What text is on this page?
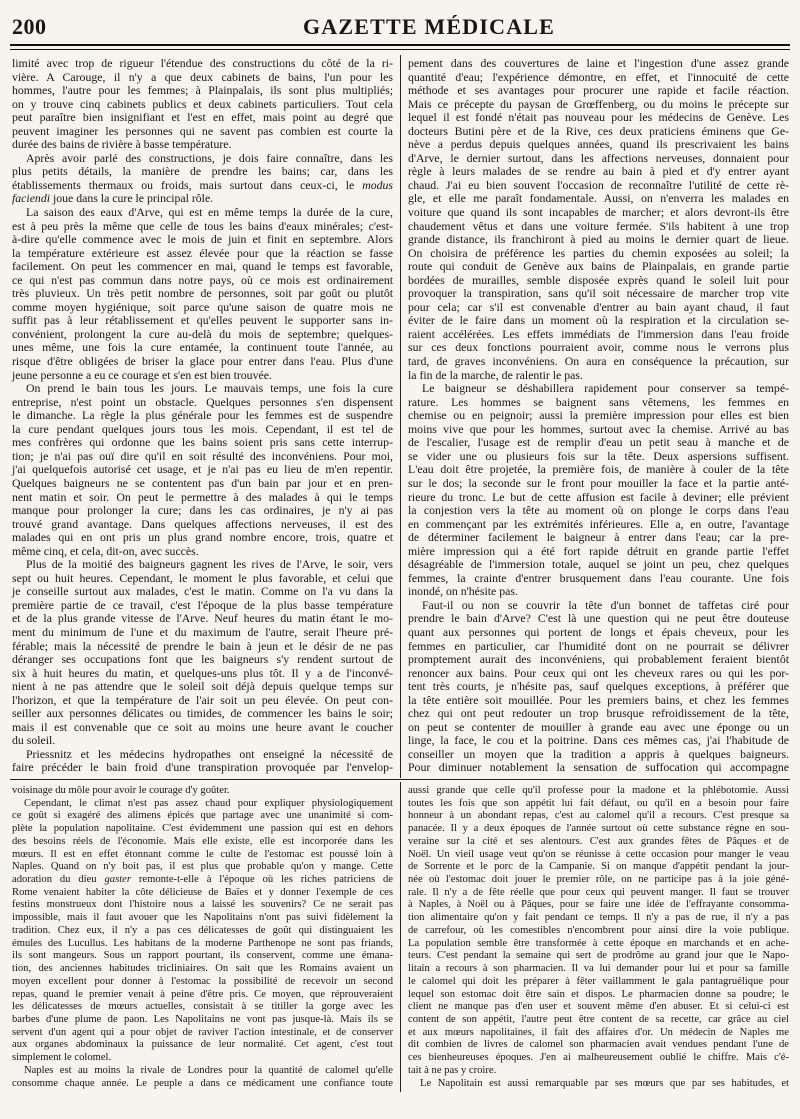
200	GAZETTE MÉDICALE
limité avec trop de rigueur l'étendue des constructions du côté de la ri-
vière. A Carouge, il n'y a que deux cabinets de bains, l'un pour les
hommes, l'autre pour les femmes; à Plainpalais, ils sont plus multipliés;
on y trouve cinq cabinets publics et deux cabinets particuliers. Tout cela
peut paraître bien insignifiant et l'est en effet, mais point au degré que
peuvent imaginer les personnes qui ne savent pas combien est courte la
durée des bains de rivière à basse température.
Après avoir parlé des constructions, je dois faire connaître, dans les
plus petits détails, la manière de prendre les bains; car, dans les
établissements thermaux ou froids, mais surtout dans ceux-ci, le modus
faciendi joue dans la cure le principal rôle.
La saison des eaux d'Arve, qui est en même temps la durée de la cure,
est à peu près la même que celle de tous les bains d'eaux minérales; c'est-
à-dire qu'elle commence avec le mois de juin et finit en septembre. Alors
la température extérieure est assez élevée pour que la réaction se fasse
facilement. On peut les commencer en mai, quand le temps est favorable,
ce qui n'est pas commun dans notre pays, où ce mois est ordinairement
très pluvieux. Un très petit nombre de personnes, soit par goût ou plutôt
comme moyen hygiénique, soit parce qu'une saison de quatre mois ne
suffit pas à leur rétablissement et qu'elles peuvent le supporter sans in-
convénient, prolongent la cure au-delà du mois de septembre; quelques-
unes même, une fois la cure entamée, la continuent toute l'année, au
risque d'être obligées de briser la glace pour entrer dans l'eau. Plus d'une
jeune personne a eu ce courage et s'en est bien trouvée.
On prend le bain tous les jours. Le mauvais temps, une fois la cure
entreprise, n'est point un obstacle. Quelques personnes s'en dispensent
le dimanche. La règle la plus générale pour les femmes est de suspendre
la cure pendant quelques jours tous les mois. Cependant, il est tel de
mes confrères qui ordonne que les bains soient pris sans cette interrup-
tion; je n'ai pas ouï dire qu'il en soit résulté des inconvéniens. Pour moi,
j'ai quelquefois autorisé cet usage, et je n'ai pas eu lieu de m'en repentir.
Quelques baigneurs ne se contentent pas d'un bain par jour et en pren-
nent matin et soir. On peut le permettre à des malades à qui le temps
manque pour prolonger la cure; dans les cas ordinaires, je n'y ai pas
trouvé grand avantage. Dans quelques affections nerveuses, il est des
malades qui en ont pris un plus grand nombre encore, trois, quatre et
même cinq, et cela, dit-on, avec succès.
Plus de la moitié des baigneurs gagnent les rives de l'Arve, le soir, vers
sept ou huit heures. Cependant, le moment le plus favorable, et celui que
je conseille surtout aux malades, c'est le matin. Comme on l'a vu dans la
première partie de ce travail, c'est l'époque de la plus basse température
et de la plus grande vitesse de l'Arve. Neuf heures du matin étant le mo-
ment du minimum de l'une et du maximum de l'autre, serait l'heure pré-
férable; mais la nécessité de prendre le bain à jeun et le désir de ne pas
déranger ses occupations font que les baigneurs s'y rendent surtout de
six à huit heures du matin, et quelques-uns plus tôt. Il y a de l'inconvé-
nient à ne pas attendre que le soleil soit déjà depuis quelque temps sur
l'horizon, et que la température de l'air soit un peu élevée. On peut con-
seiller aux personnes délicates ou timides, de commencer les bains le soir;
mais il est convenable que ce soit au moins une heure avant le coucher
du soleil.
Priessnitz et les médecins hydropathes ont enseigné la nécessité de
faire précéder le bain froid d'une transpiration provoquée par l'envelop-
pement dans des couvertures de laine et l'ingestion d'une assez grande
quantité d'eau; l'expérience démontre, en effet, et l'innocuité de cette
méthode et ses avantages pour procurer une rapide et facile réaction.
Mais ce précepte du paysan de Grœffenberg, ou du moins le précepte sur
lequel il est fondé n'était pas nouveau pour les médecins de Genève. Les
docteurs Butini père et de la Rive, ces deux praticiens éminens que Ge-
nève a perdus depuis quelques années, quand ils prescrivaient les bains
d'Arve, le dernier surtout, dans les affections nerveuses, donnaient pour
règle à leurs malades de se rendre au bain à pied et d'y entrer ayant
chaud. J'ai eu bien souvent l'occasion de reconnaître l'utilité de cette rè-
gle, et elle me paraît fondamentale. Aussi, on n'enverra les malades en
voiture que quand ils sont incapables de marcher; et alors devront-ils être
chaudement vêtus et dans une voiture fermée. S'ils habitent à une trop
grande distance, ils franchiront à pied au moins le dernier quart de lieue.
On choisira de préférence les parties du chemin exposées au soleil; la
route qui conduit de Genève aux bains de Plainpalais, en grande partie
bordées de murailles, semble disposée exprès quand le soleil luit pour
provoquer la transpiration, sans qu'il soit nécessaire de marcher trop vite
pour cela; car s'il est convenable d'entrer au bain ayant chaud, il faut
éviter de le faire dans un moment où la respiration et la circulation se-
raient accélérées. Les effets immédiats de l'immersion dans l'eau froide
sur ces deux fonctions pourraient avoir, comme nous le verrons plus
tard, de graves inconvéniens. On aura en conséquence la précaution, sur
la fin de la marche, de ralentir le pas.
Le baigneur se déshabillera rapidement pour conserver sa tempé-
rature. Les hommes se baignent sans vêtemens, les femmes en
chemise ou en peignoir; aussi la première impression pour elles est bien
moins vive que pour les hommes, surtout avec la chemise. Arrivé au bas
de l'escalier, l'usage est de remplir d'eau un petit seau à manche et de
se vider une ou plusieurs fois sur la tête. Deux aspersions suffisent.
L'eau doit être projetée, la première fois, de manière à couler de la tête
sur le dos; la seconde sur le front pour mouiller la face et la partie anté-
rieure du tronc. Le but de cette affusion est facile à deviner; elle prévient
la conjestion vers la tête au moment où on plonge le corps dans l'eau
en commençant par les extrémités inférieures. Elle a, en outre, l'avantage
de déterminer facilement le baigneur à entrer dans l'eau; car la pre-
mière impression qui a été fort rapide détruit en grande partie l'effet
désagréable de l'immersion totale, auquel se joint un peu, chez quelques
femmes, la crainte d'entrer brusquement dans l'eau courante. Une fois
inondé, on n'hésite pas.
Faut-il ou non se couvrir la tête d'un bonnet de taffetas ciré pour
prendre le bain d'Arve? C'est là une question qui ne peut être douteuse
quant aux personnes qui portent de longs et épais cheveux, pour les
femmes en particulier, car l'humidité dont on ne pourrait se délivrer
promptement aurait des inconvéniens, qui probablement feraient bientôt
renoncer aux bains. Pour ceux qui ont les cheveux rares ou qui les por-
tent très courts, je n'hésite pas, sauf quelques exceptions, à préférer que
la tête entière soit mouillée. Pour les premiers bains, et chez les femmes
chez qui ont peut redouter un trop brusque refroidissement de la tête,
on peut se contenter de mouiller à grande eau avec une éponge ou un
linge, la face, le cou et la poitrine. Dans ces mêmes cas, j'ai l'habitude de
conseiller un moyen que la tradition a appris à quelques baigneurs.
Pour diminuer notablement la sensation de suffocation qui accompagne
voisinage du môle pour avoir le courage d'y goûter.
Cependant, le climat n'est pas assez chaud pour expliquer physiologiquement
ce goût si exagéré des alimens épicés que partage avec une unanimité si com-
plète la population napolitaine. C'est évidemment une passion qui est en dehors
des besoins réels de l'économie. Mais elle existe, elle est incorporée dans les
mœurs. Il est en effet étonnant comme le culte de l'estomac est poussé loin à
Naples. Quand on n'y boit pas, il est plus que probable qu'on y mange. Cette
adoration du dieu gaster remonte-t-elle à l'époque où les riches patriciens de
Rome venaient habiter la côte délicieuse de Baïes et y donner l'exemple de ces
festins monstrueux dont l'histoire nous a laissé les souvenirs? Ce ne serait pas
impossible, mais il faut avouer que les Napolitains n'ont pas suivi fidèlement la
tradition. Chez eux, il n'y a pas ces délicatesses de goût qui distinguaient les
émules des Lucullus. Les habitans de la moderne Parthenope ne sont pas friands,
ils sont mangeurs. Sous un rapport pourtant, ils conservent, comme une émana-
tion, des anciennes habitudes tricliniaires. On sait que les Romains avaient un
moyen excellent pour donner à l'estomac la possibilité de recevoir un second
repas, quand le premier venait à peine d'être pris. Ce moyen, que réprouveraient
les délicatesses de mœurs actuelles, consistait à se titiller la gorge avec les
barbes d'une plume de paon. Les Napolitains ne vont pas jusque-là. Mais ils se
servent d'un agent qui a pour objet de raviver l'action intestinale, et de conserver
aux organes abdominaux la puissance de leur normalité. Cet agent, c'est tout
simplement le colomel.
Naples est au moins la rivale de Londres pour la quantité de calomel qu'elle
consomme chaque année. Le peuple a dans ce médicament une confiance toute
aussi grande que celle qu'il professe pour la madone et la phlébotomie. Aussi
toutes les fois que son appétit lui fait défaut, ou qu'il en a besoin pour faire
honneur à un abondant repas, c'est au calomel qu'il a recours. C'est presque sa
panacée. Il y a deux époques de l'année surtout où cette substance règne en sou-
veraine sur la cité et ses alentours. C'est aux grandes fêtes de Pâques et de
Noël. Un vieil usage veut qu'on se réunisse à cette occasion pour manger le veau
de Sorrente et le porc de la Campanie. Si on manque d'appétit pendant la jour-
née où l'estomac doit jouer le premier rôle, on ne participe pas à la joie géné-
rale. Il n'y a de fête réelle que pour ceux qui peuvent manger. Il faut se trouver
à Naples, à Noël ou à Pâques, pour se faire une idée de l'effrayante consomma-
tion alimentaire qu'on y fait pendant ce temps. Il n'y a pas de rue, il n'y a pas
de carrefour, où les comestibles n'encombrent pour ainsi dire la voie publique.
La population semble être transformée à cette époque en marchands et en ache-
teurs. C'est pendant la semaine qui sert de prodrôme au grand jour que le Napo-
litain a recours à son pharmacien. Il va lui demander pour lui et pour sa famille
le calomel qui doit les préparer à fêter vaillamment le gala pantagruélique pour
lequel son estomac doit être sain et dispos. Le pharmacien donne sa poudre; le
client ne manque pas d'en user et souvent même d'en abuser. Et si celui-ci est
content de son appétit, l'autre peut être content de sa recette, car grâce au ciel
et aux mœurs napolitaines, il fait des affaires d'or. Un médecin de Naples me
dit combien de livres de calomel son pharmacien avait vendues pendant l'une de
ces bienheureuses époques. J'en ai malheureusement oublié le chiffre. Mais c'é-
tait à ne pas y croire.
Le Napolitain est aussi remarquable par ses mœurs que par ses habitudes, et
